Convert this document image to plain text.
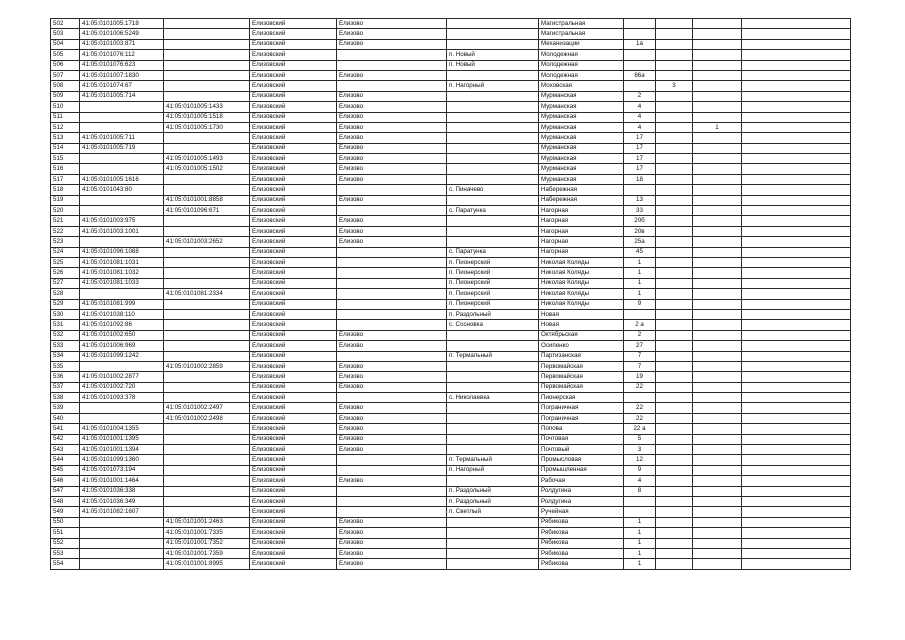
502	41:05:0101005:1718		Елизовский	Елизово		Магистральная				
503	41:05:0101006:5249		Елизовский	Елизово		Магистральная				
504	41:05:0101003:871		Елизовский	Елизово		Механизации	1а			
505	41:05:0101076:112		Елизовский		п. Новый	Молодежная				
506	41:05:0101076:623		Елизовский		п. Новый	Молодежная				
507	41:05:0101007:1830		Елизовский	Елизово		Молодежная	86а			
508	41:05:0101074:67		Елизовский		п. Нагорный	Моховская		3		
509	41:05:0101005:714		Елизовский	Елизово		Мурманская	2			
510		41:05:0101005:1433	Елизовский	Елизово		Мурманская	4			
511		41:05:0101005:1518	Елизовский	Елизово		Мурманская	4			
512		41:05:0101005:1730	Елизовский	Елизово		Мурманская	4		1	
513	41:05:0101005:711		Елизовский	Елизово		Мурманская	17			
514	41:05:0101005:719		Елизовский	Елизово		Мурманская	17			
515		41:05:0101005:1493	Елизовский	Елизово		Мурманская	17			
516		41:05:0101005:1502	Елизовский	Елизово		Мурманская	17			
517	41:05:0101005:1616		Елизовский	Елизово		Мурманская	18			
518	41:05:0101043:80		Елизовский		с. Пиначево	Набережная				
519		41:05:0101001:8858	Елизовский	Елизово		Набережная	13			
520		41:05:0101096:671	Елизовский		с. Паратунка	Нагорная	33			
521	41:05:0101003:975		Елизовский	Елизово		Нагорная	20б			
522	41:05:0101003:1001		Елизовский	Елизово		Нагорная	20в			
523		41:05:0101003:2652	Елизовский	Елизово		Нагорная	25а			
524	41:05:0101096:1088		Елизовский		с. Паратунка	Нагорная	45			
525	41:05:0101081:1031		Елизовский		п. Пионерский	Николая Коляды	1			
526	41:05:0101081:1032		Елизовский		п. Пионерский	Николая Коляды	1			
527	41:05:0101081:1033		Елизовский		п. Пионерский	Николая Коляды	1			
528		41:05:0101081:2334	Елизовский		п. Пионерский	Николая Коляды	1			
529	41:05:0101081:999		Елизовский		п. Пионерский	Николая Коляды	9			
530	41:05:0101038:110		Елизовский		п. Раздольный	Новая				
531	41:05:0101092:86		Елизовский		с. Сосновка	Новая	2 а			
532	41:05:0101002:650		Елизовский	Елизово		Октябрьская	2			
533	41:05:0101006:969		Елизовский	Елизово		Осипенко	27			
534	41:05:0101099:1242		Елизовский		п. Термальный	Партизанская	7			
535		41:05:0101002:2859	Елизовский	Елизово		Первомайская	7			
536	41:05:0101002:2877		Елизовский	Елизово		Первомайская	19			
537	41:05:0101002:720		Елизовский	Елизово		Первомайская	22			
538	41:05:0101093:378		Елизовский		с. Николаевка	Пионерская				
539		41:05:0101002:2497	Елизовский	Елизово		Пограничная	22			
540		41:05:0101002:2498	Елизовский	Елизово		Пограничная	22			
541	41:05:0101004:1355		Елизовский	Елизово		Попова	22 а			
542	41:05:0101001:1395		Елизовский	Елизово		Почтовая	5			
543	41:05:0101001:1394		Елизовский	Елизово		Почтовый	3			
544	41:05:0101099:1360		Елизовский		п. Термальный	Промысловая	12			
545	41:05:0101073:194		Елизовский		п. Нагорный	Промышленная	9			
546	41:05:0101001:1464		Елизовский	Елизово		Рабочая	4			
547	41:05:0101036:338		Елизовский		п. Раздольный	Ролдугина	8			
548	41:05:0101036:349		Елизовский		п. Раздольный	Ролдугина				
549	41:05:0101082:1607		Елизовский		п. Светлый	Ручейная				
550		41:05:0101001:2463	Елизовский	Елизово		Рябикова	1			
551		41:05:0101001:7335	Елизовский	Елизово		Рябикова	1			
552		41:05:0101001:7352	Елизовский	Елизово		Рябикова	1			
553		41:05:0101001:7359	Елизовский	Елизово		Рябикова	1			
554		41:05:0101001:8995	Елизовский	Елизово		Рябикова	1			
